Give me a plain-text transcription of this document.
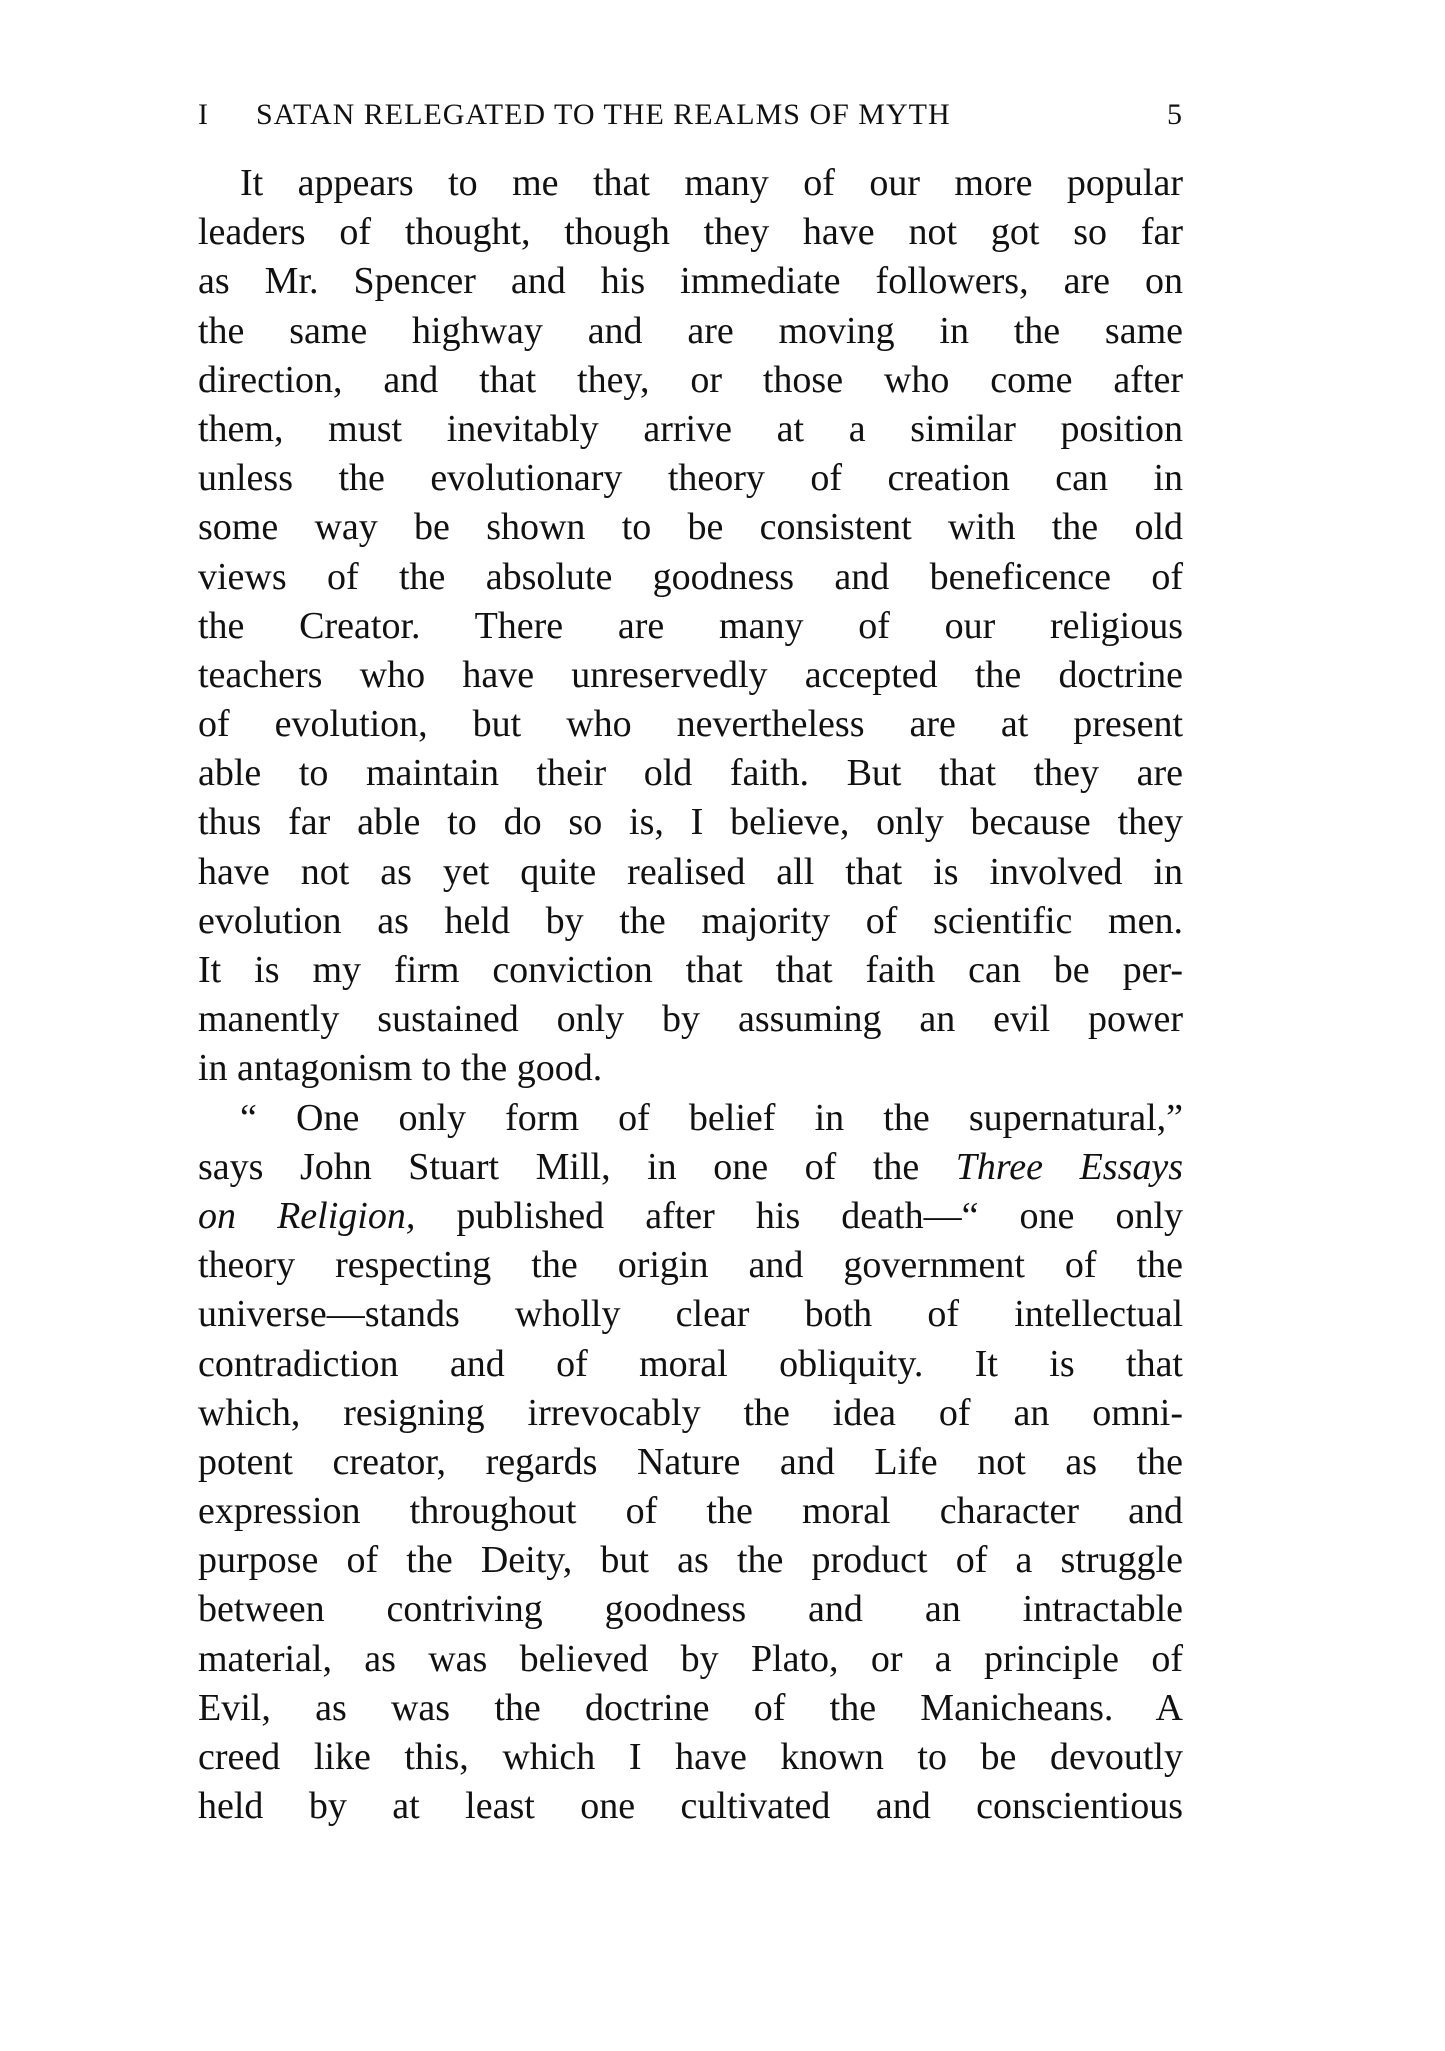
I	SATAN RELEGATED TO THE REALMS OF MYTH	5
It appears to me that many of our more popular
leaders of thought, though they have not got so far
as Mr. Spencer and his immediate followers, are on
the same highway and are moving in the same
direction, and that they, or those who come after
them, must inevitably arrive at a similar position
unless the evolutionary theory of creation can in
some way be shown to be consistent with the old
views of the absolute goodness and beneficence of
the Creator. There are many of our religious
teachers who have unreservedly accepted the doctrine
of evolution, but who nevertheless are at present
able to maintain their old faith. But that they are
thus far able to do so is, I believe, only because they
have not as yet quite realised all that is involved in
evolution as held by the majority of scientific men.
It is my firm conviction that that faith can be per-
manently sustained only by assuming an evil power
in antagonism to the good.
“ One only form of belief in the supernatural,”
says John Stuart Mill, in one of the Three Essays
on Religion, published after his death—“ one only
theory respecting the origin and government of the
universe—stands wholly clear both of intellectual
contradiction and of moral obliquity. It is that
which, resigning irrevocably the idea of an omni-
potent creator, regards Nature and Life not as the
expression throughout of the moral character and
purpose of the Deity, but as the product of a struggle
between contriving goodness and an intractable
material, as was believed by Plato, or a principle of
Evil, as was the doctrine of the Manicheans. A
creed like this, which I have known to be devoutly
held by at least one cultivated and conscientious
